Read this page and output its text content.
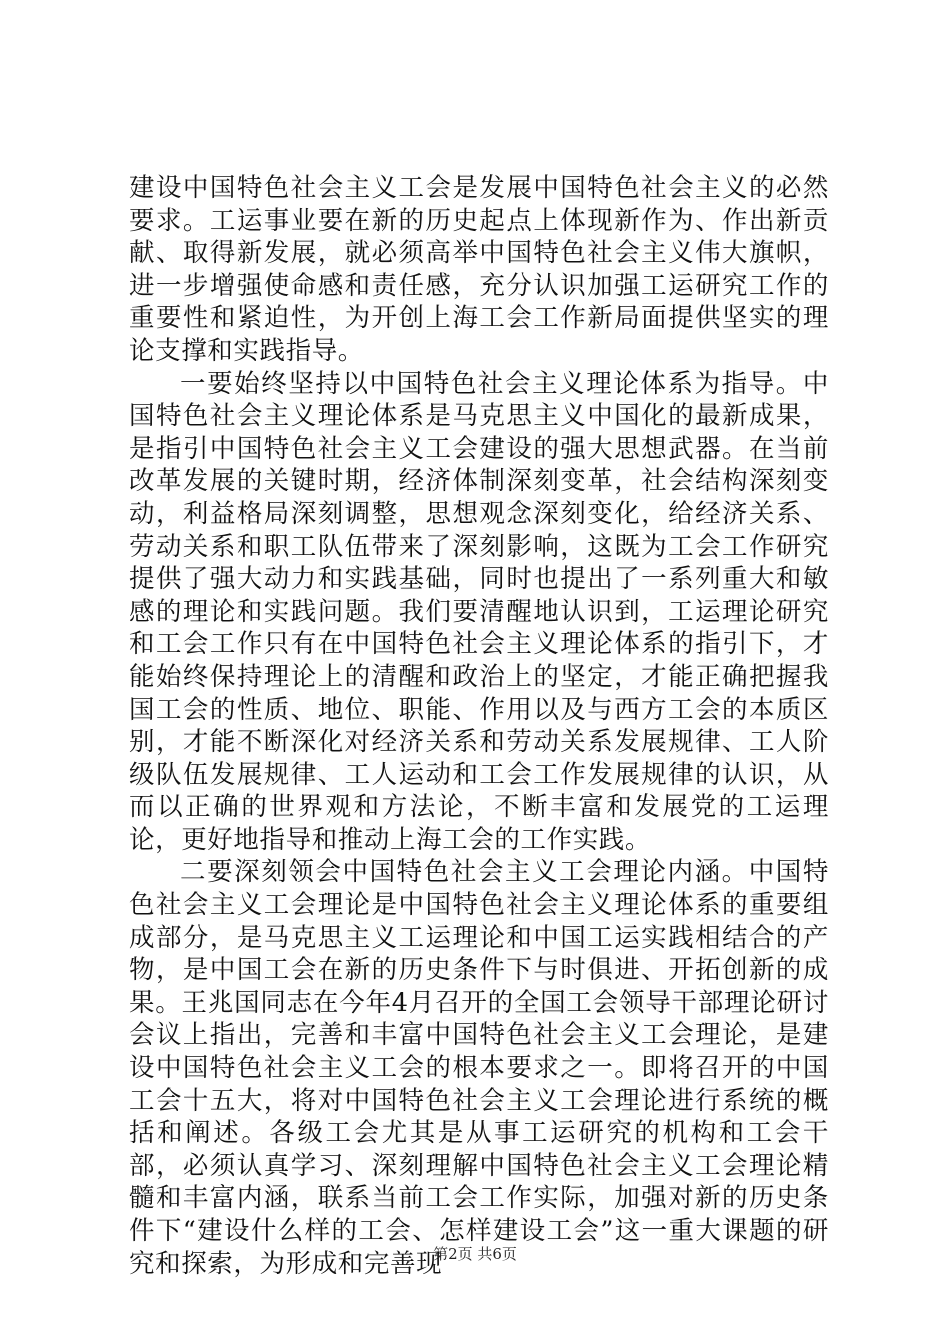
建设中国特色社会主义工会是发展中国特色社会主义的必然要求。工运事业要在新的历史起点上体现新作为、作出新贡献、取得新发展，就必须高举中国特色社会主义伟大旗帜，进一步增强使命感和责任感，充分认识加强工运研究工作的重要性和紧迫性，为开创上海工会工作新局面提供坚实的理论支撑和实践指导。

一要始终坚持以中国特色社会主义理论体系为指导。中国特色社会主义理论体系是马克思主义中国化的最新成果，是指引中国特色社会主义工会建设的强大思想武器。在当前改革发展的关键时期，经济体制深刻变革，社会结构深刻变动，利益格局深刻调整，思想观念深刻变化，给经济关系、劳动关系和职工队伍带来了深刻影响，这既为工会工作研究提供了强大动力和实践基础，同时也提出了一系列重大和敏感的理论和实践问题。我们要清醒地认识到，工运理论研究和工会工作只有在中国特色社会主义理论体系的指引下，才能始终保持理论上的清醒和政治上的坚定，才能正确把握我国工会的性质、地位、职能、作用以及与西方工会的本质区别，才能不断深化对经济关系和劳动关系发展规律、工人阶级队伍发展规律、工人运动和工会工作发展规律的认识，从而以正确的世界观和方法论，不断丰富和发展党的工运理论，更好地指导和推动上海工会的工作实践。

二要深刻领会中国特色社会主义工会理论内涵。中国特色社会主义工会理论是中国特色社会主义理论体系的重要组成部分，是马克思主义工运理论和中国工运实践相结合的产物，是中国工会在新的历史条件下与时俱进、开拓创新的成果。王兆国同志在今年4月召开的全国工会领导干部理论研讨会议上指出，完善和丰富中国特色社会主义工会理论，是建设中国特色社会主义工会的根本要求之一。即将召开的中国工会十五大，将对中国特色社会主义工会理论进行系统的概括和阐述。各级工会尤其是从事工运研究的机构和工会干部，必须认真学习、深刻理解中国特色社会主义工会理论精髓和丰富内涵，联系当前工会工作实际，加强对新的历史条件下“建设什么样的工会、怎样建设工会”这一重大课题的研究和探索，为形成和完善现

第2页 共6页
